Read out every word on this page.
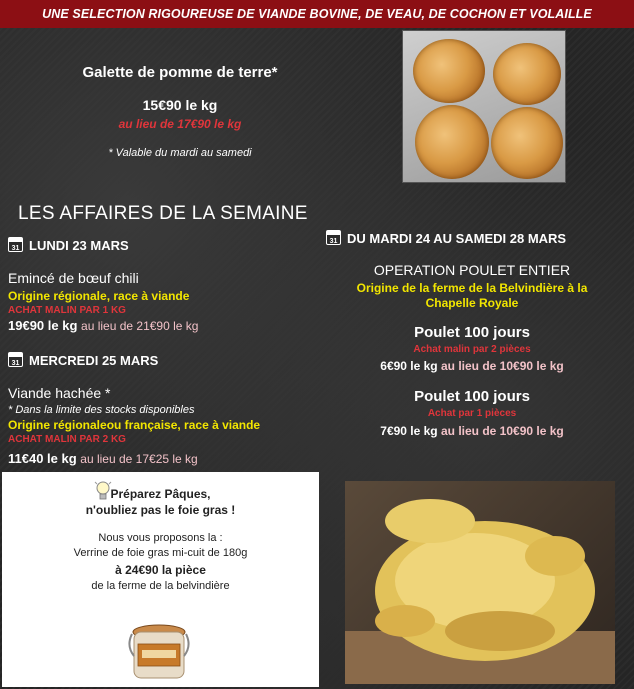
UNE SELECTION RIGOUREUSE DE VIANDE BOVINE, DE VEAU, DE COCHON ET VOLAILLE
Galette de pomme de terre*
15€90 le kg
au lieu de 17€90 le kg
* Valable du mardi au samedi
LES AFFAIRES DE LA SEMAINE
31 LUNDI 23 MARS
Emincé de bœuf chili
Origine régionale, race à viande
ACHAT MALIN PAR 1 KG
19€90 le kg au lieu de 21€90 le kg
31 MERCREDI 25 MARS
Viande hachée *
* Dans la limite des stocks disponibles
Origine régionaleou française, race à viande
ACHAT MALIN PAR 2 KG
11€40 le kg au lieu de 17€25 le kg
31 DU MARDI 24 AU SAMEDI 28 MARS
OPERATION POULET ENTIER
Origine de la ferme de la Belvindière à la
Chapelle Royale
Poulet 100 jours
Achat malin par 2 pièces
6€90 le kg au lieu de 10€90 le kg
Poulet 100 jours
Achat par 1 pièces
7€90 le kg au lieu de 10€90 le kg
Préparez Pâques,
n'oubliez pas le foie gras !
Nous vous proposons la :
Verrine de foie gras mi-cuit de 180g
à 24€90 la pièce
de la ferme de la belvindière
